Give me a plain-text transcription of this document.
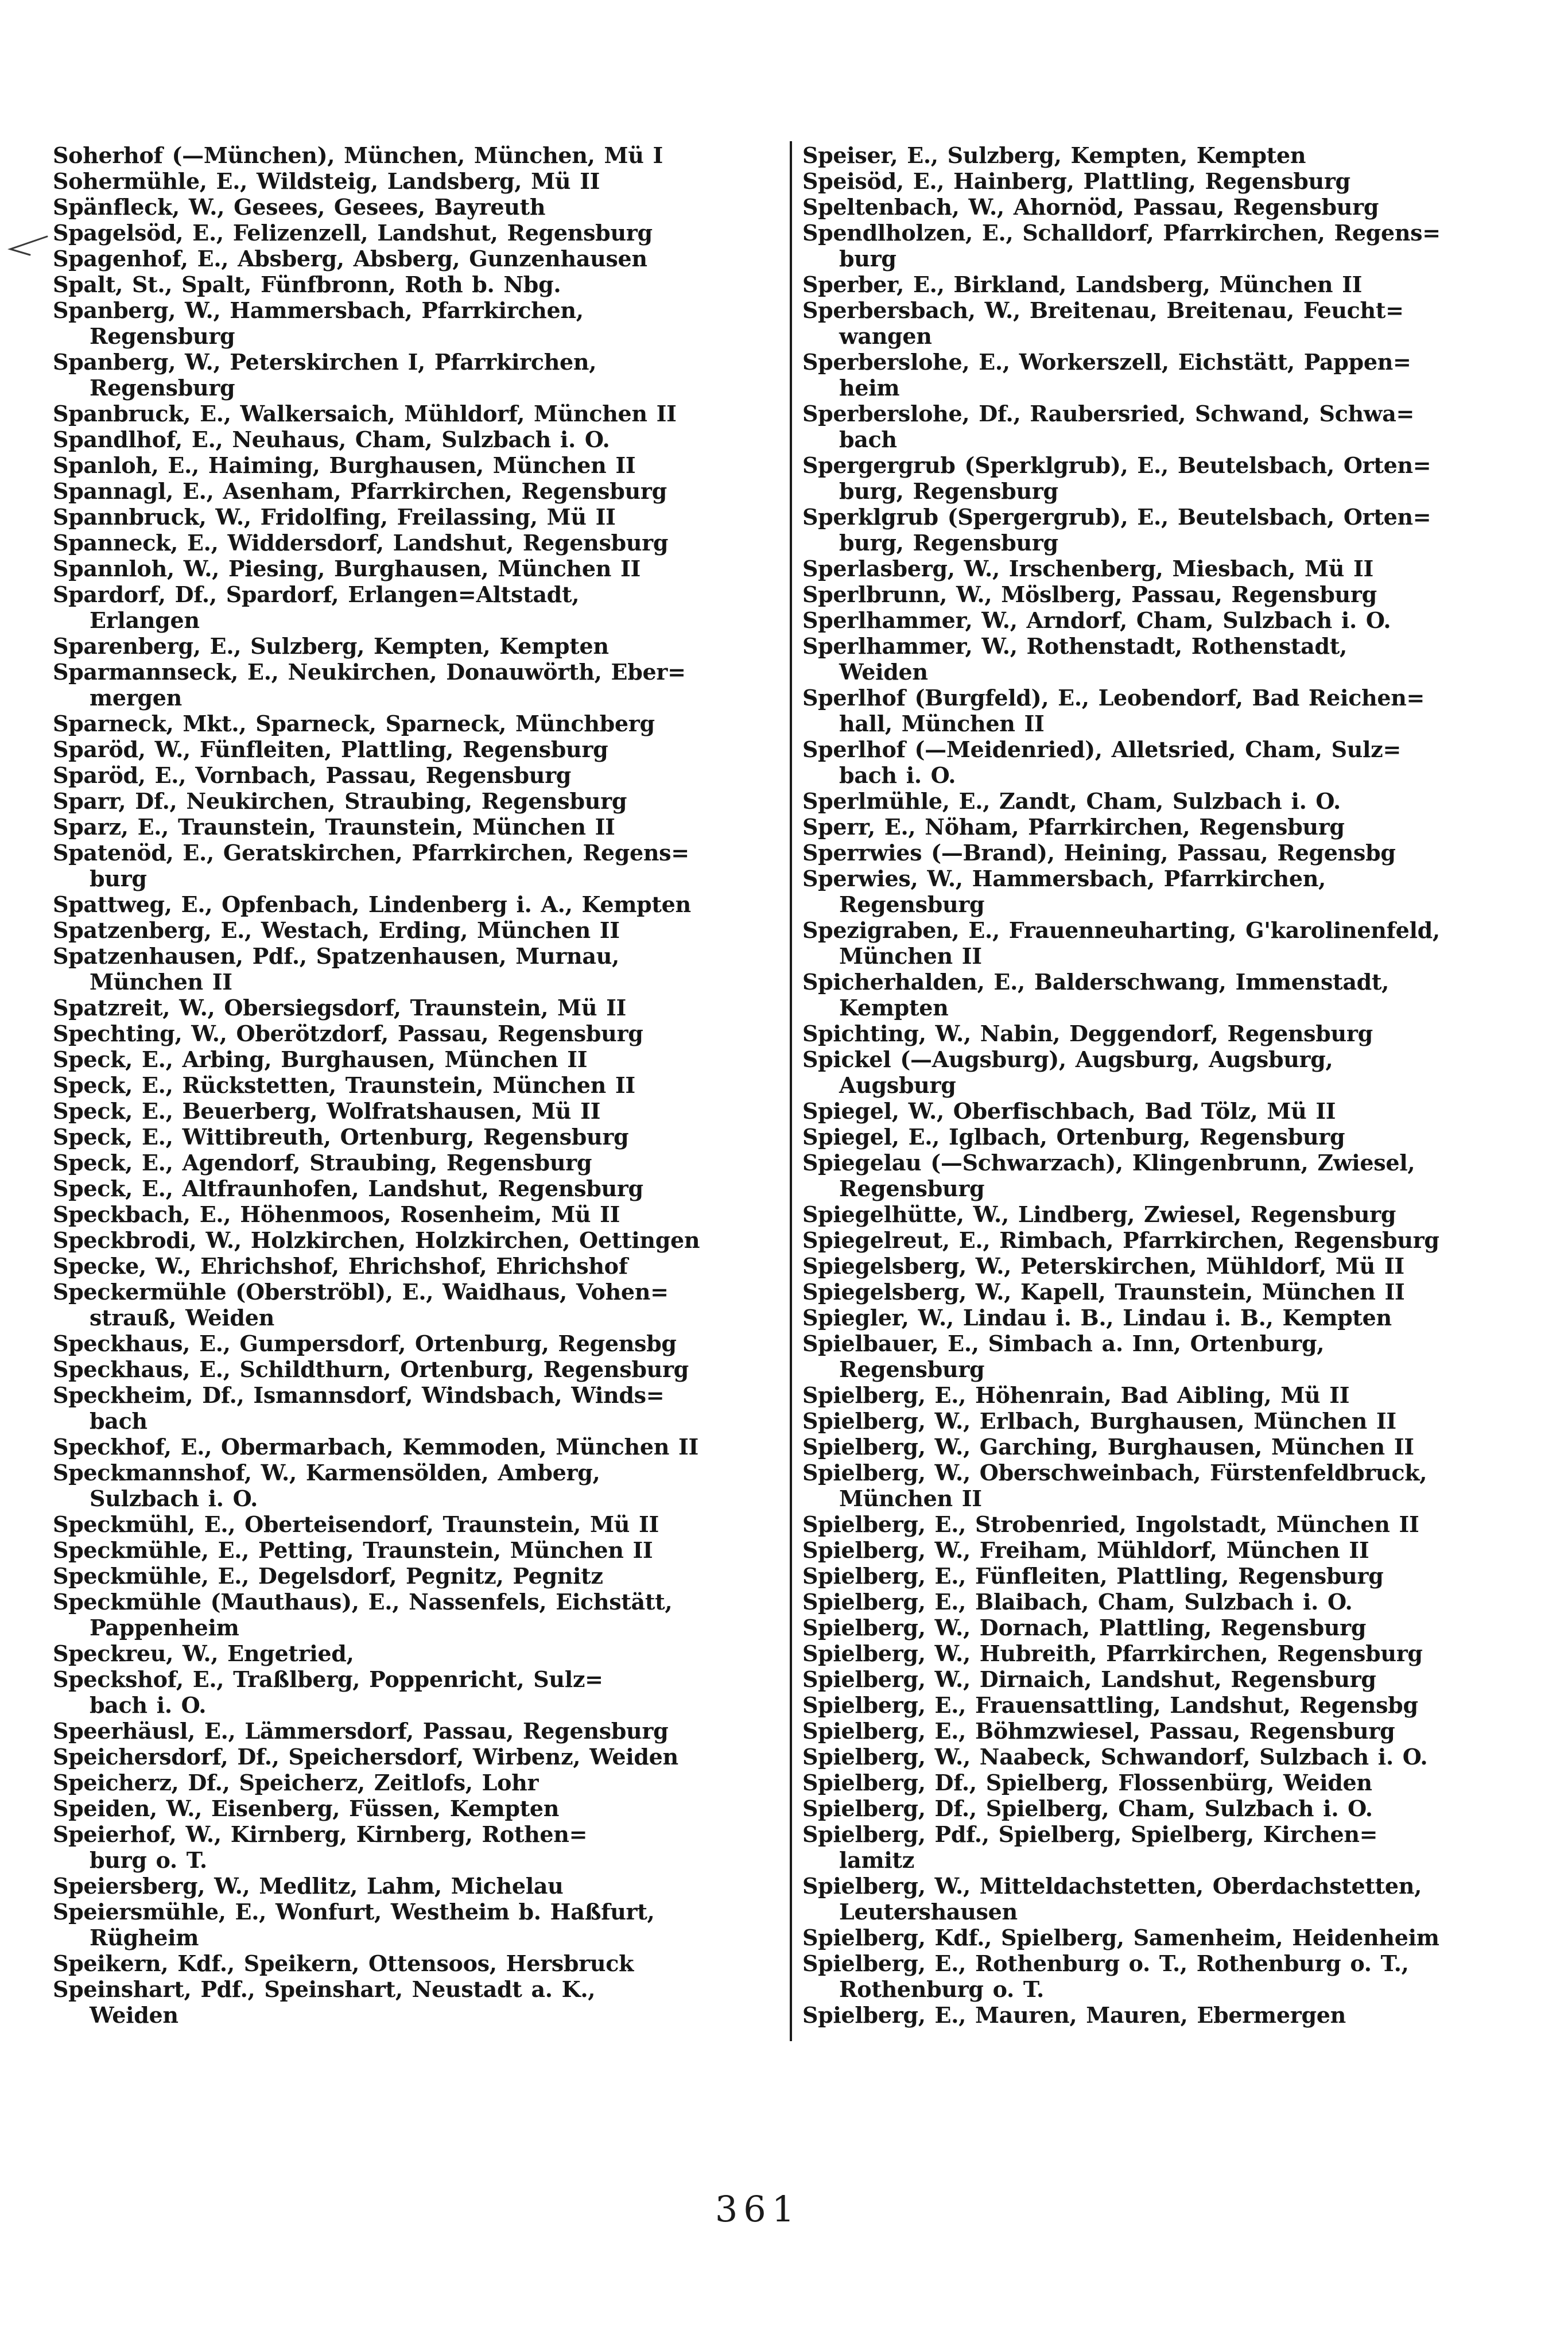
Soherhof (—München), München, München, Mü I
Sohermühle, E., Wildsteig, Landsberg, Mü II
Spänfleck, W., Gesees, Gesees, Bayreuth
Spagelsöd, E., Felizenzell, Landshut, Regensburg
Spagenhof, E., Absberg, Absberg, Gunzenhausen
Spalt, St., Spalt, Fünfbronn, Roth b. Nbg.
Spanberg, W., Hammersbach, Pfarrkirchen,
Regensburg
Spanberg, W., Peterskirchen I, Pfarrkirchen,
Regensburg
Spanbruck, E., Walkersaich, Mühldorf, München II
Spandlhof, E., Neuhaus, Cham, Sulzbach i. O.
Spanloh, E., Haiming, Burghausen, München II
Spannagl, E., Asenham, Pfarrkirchen, Regensburg
Spannbruck, W., Fridolfing, Freilassing, Mü II
Spanneck, E., Widdersdorf, Landshut, Regensburg
Spannloh, W., Piesing, Burghausen, München II
Spardorf, Df., Spardorf, Erlangen=Altstadt,
Erlangen
Sparenberg, E., Sulzberg, Kempten, Kempten
Sparmannseck, E., Neukirchen, Donauwörth, Eber=
mergen
Sparneck, Mkt., Sparneck, Sparneck, Münchberg
Sparöd, W., Fünfleiten, Plattling, Regensburg
Sparöd, E., Vornbach, Passau, Regensburg
Sparr, Df., Neukirchen, Straubing, Regensburg
Sparz, E., Traunstein, Traunstein, München II
Spatenöd, E., Geratskirchen, Pfarrkirchen, Regens=
burg
Spattweg, E., Opfenbach, Lindenberg i. A., Kempten
Spatzenberg, E., Westach, Erding, München II
Spatzenhausen, Pdf., Spatzenhausen, Murnau,
München II
Spatzreit, W., Obersiegsdorf, Traunstein, Mü II
Spechting, W., Oberötzdorf, Passau, Regensburg
Speck, E., Arbing, Burghausen, München II
Speck, E., Rückstetten, Traunstein, München II
Speck, E., Beuerberg, Wolfratshausen, Mü II
Speck, E., Wittibreuth, Ortenburg, Regensburg
Speck, E., Agendorf, Straubing, Regensburg
Speck, E., Altfraunhofen, Landshut, Regensburg
Speckbach, E., Höhenmoos, Rosenheim, Mü II
Speckbrodi, W., Holzkirchen, Holzkirchen, Oettingen
Specke, W., Ehrichshof, Ehrichshof, Ehrichshof
Speckermühle (Oberströbl), E., Waidhaus, Vohen=
strauß, Weiden
Speckhaus, E., Gumpersdorf, Ortenburg, Regensbg
Speckhaus, E., Schildthurn, Ortenburg, Regensburg
Speckheim, Df., Ismannsdorf, Windsbach, Winds=
bach
Speckhof, E., Obermarbach, Kemmoden, München II
Speckmannshof, W., Karmensölden, Amberg,
Sulzbach i. O.
Speckmühl, E., Oberteisendorf, Traunstein, Mü II
Speckmühle, E., Petting, Traunstein, München II
Speckmühle, E., Degelsdorf, Pegnitz, Pegnitz
Speckmühle (Mauthaus), E., Nassenfels, Eichstätt,
Pappenheim
Speckreu, W., Engetried,
Speckshof, E., Traßlberg, Poppenricht, Sulz=
bach i. O.
Speerhäusl, E., Lämmersdorf, Passau, Regensburg
Speichersdorf, Df., Speichersdorf, Wirbenz, Weiden
Speicherz, Df., Speicherz, Zeitlofs, Lohr
Speiden, W., Eisenberg, Füssen, Kempten
Speierhof, W., Kirnberg, Kirnberg, Rothen=
burg o. T.
Speiersberg, W., Medlitz, Lahm, Michelau
Speiersmühle, E., Wonfurt, Westheim b. Haßfurt,
Rügheim
Speikern, Kdf., Speikern, Ottensoos, Hersbruck
Speinshart, Pdf., Speinshart, Neustadt a. K.,
Weiden
Speiser, E., Sulzberg, Kempten, Kempten
Speisöd, E., Hainberg, Plattling, Regensburg
Speltenbach, W., Ahornöd, Passau, Regensburg
Spendlholzen, E., Schalldorf, Pfarrkirchen, Regens=
burg
Sperber, E., Birkland, Landsberg, München II
Sperbersbach, W., Breitenau, Breitenau, Feucht=
wangen
Sperberslohe, E., Workerszell, Eichstätt, Pappen=
heim
Sperberslohe, Df., Raubersried, Schwand, Schwa=
bach
Spergergrub (Sperklgrub), E., Beutelsbach, Orten=
burg, Regensburg
Sperklgrub (Spergergrub), E., Beutelsbach, Orten=
burg, Regensburg
Sperlasberg, W., Irschenberg, Miesbach, Mü II
Sperlbrunn, W., Möslberg, Passau, Regensburg
Sperlhammer, W., Arndorf, Cham, Sulzbach i. O.
Sperlhammer, W., Rothenstadt, Rothenstadt,
Weiden
Sperlhof (Burgfeld), E., Leobendorf, Bad Reichen=
hall, München II
Sperlhof (—Meidenried), Alletsried, Cham, Sulz=
bach i. O.
Sperlmühle, E., Zandt, Cham, Sulzbach i. O.
Sperr, E., Nöham, Pfarrkirchen, Regensburg
Sperrwies (—Brand), Heining, Passau, Regensbg
Sperwies, W., Hammersbach, Pfarrkirchen,
Regensburg
Spezigraben, E., Frauenneuharting, G'karolinenfeld,
München II
Spicherhalden, E., Balderschwang, Immenstadt,
Kempten
Spichting, W., Nabin, Deggendorf, Regensburg
Spickel (—Augsburg), Augsburg, Augsburg,
Augsburg
Spiegel, W., Oberfischbach, Bad Tölz, Mü II
Spiegel, E., Iglbach, Ortenburg, Regensburg
Spiegelau (—Schwarzach), Klingenbrunn, Zwiesel,
Regensburg
Spiegelhütte, W., Lindberg, Zwiesel, Regensburg
Spiegelreut, E., Rimbach, Pfarrkirchen, Regensburg
Spiegelsberg, W., Peterskirchen, Mühldorf, Mü II
Spiegelsberg, W., Kapell, Traunstein, München II
Spiegler, W., Lindau i. B., Lindau i. B., Kempten
Spielbauer, E., Simbach a. Inn, Ortenburg,
Regensburg
Spielberg, E., Höhenrain, Bad Aibling, Mü II
Spielberg, W., Erlbach, Burghausen, München II
Spielberg, W., Garching, Burghausen, München II
Spielberg, W., Oberschweinbach, Fürstenfeldbruck,
München II
Spielberg, E., Strobenried, Ingolstadt, München II
Spielberg, W., Freiham, Mühldorf, München II
Spielberg, E., Fünfleiten, Plattling, Regensburg
Spielberg, E., Blaibach, Cham, Sulzbach i. O.
Spielberg, W., Dornach, Plattling, Regensburg
Spielberg, W., Hubreith, Pfarrkirchen, Regensburg
Spielberg, W., Dirnaich, Landshut, Regensburg
Spielberg, E., Frauensattling, Landshut, Regensbg
Spielberg, E., Böhmzwiesel, Passau, Regensburg
Spielberg, W., Naabeck, Schwandorf, Sulzbach i. O.
Spielberg, Df., Spielberg, Flossenbürg, Weiden
Spielberg, Df., Spielberg, Cham, Sulzbach i. O.
Spielberg, Pdf., Spielberg, Spielberg, Kirchen=
lamitz
Spielberg, W., Mitteldachstetten, Oberdachstetten,
Leutershausen
Spielberg, Kdf., Spielberg, Samenheim, Heidenheim
Spielberg, E., Rothenburg o. T., Rothenburg o. T.,
Rothenburg o. T.
Spielberg, E., Mauren, Mauren, Ebermergen
361
